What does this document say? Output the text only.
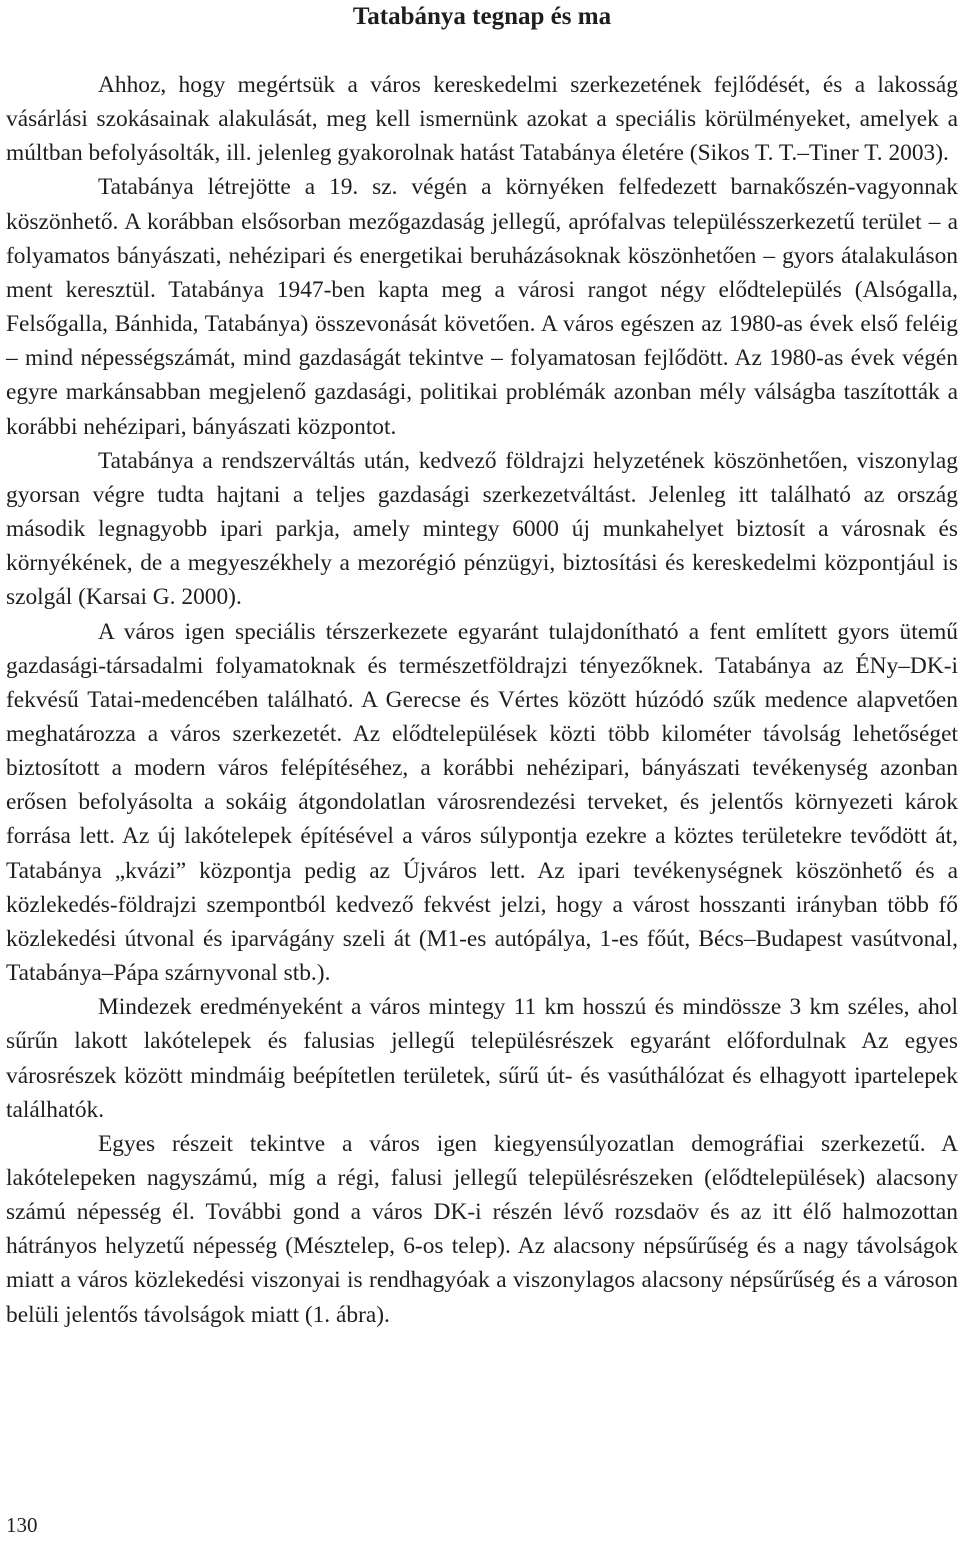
Tatabánya tegnap és ma

Ahhoz, hogy megértsük a város kereskedelmi szerkezetének fejlődését, és a lakosság vásárlási szokásainak alakulását, meg kell ismernünk azokat a speciális körülményeket, amelyek a múltban befolyásolták, ill. jelenleg gyakorolnak hatást Tatabánya életére (Sikos T. T.–Tiner T. 2003).

Tatabánya létrejötte a 19. sz. végén a környéken felfedezett barnakőszén-vagyonnak köszönhető. A korábban elsősorban mezőgazdaság jellegű, aprófalvas településszerkezetű terület – a folyamatos bányászati, nehézipari és energetikai beruházásoknak köszönhetően – gyors átalakuláson ment keresztül. Tatabánya 1947-ben kapta meg a városi rangot négy elődtelepülés (Alsógalla, Felsőgalla, Bánhida, Tatabánya) összevonását követően. A város egészen az 1980-as évek első feléig – mind népességszámát, mind gazdaságát tekintve – folyamatosan fejlődött. Az 1980-as évek végén egyre markánsabban megjelenő gazdasági, politikai problémák azonban mély válságba taszították a korábbi nehézipari, bányászati központot.

Tatabánya a rendszerváltás után, kedvező földrajzi helyzetének köszönhetően, viszonylag gyorsan végre tudta hajtani a teljes gazdasági szerkezetváltást. Jelenleg itt található az ország második legnagyobb ipari parkja, amely mintegy 6000 új munkahelyet biztosít a városnak és környékének, de a megyeszékhely a mezorégió pénzügyi, biztosítási és kereskedelmi központjául is szolgál (Karsai G. 2000).

A város igen speciális térszerkezete egyaránt tulajdonítható a fent említett gyors ütemű gazdasági-társadalmi folyamatoknak és természetföldrajzi tényezőknek. Tatabánya az ÉNy–DK-i fekvésű Tatai-medencében található. A Gerecse és Vértes között húzódó szűk medence alapvetően meghatározza a város szerkezetét. Az elődtelepülések közti több kilométer távolság lehetőséget biztosított a modern város felépítéséhez, a korábbi nehézipari, bányászati tevékenység azonban erősen befolyásolta a sokáig átgondolatlan városrendezési terveket, és jelentős környezeti károk forrása lett. Az új lakótelepek építésével a város súlypontja ezekre a köztes területekre tevődött át, Tatabánya „kvázi” központja pedig az Újváros lett. Az ipari tevékenységnek köszönhető és a közlekedés-földrajzi szempontból kedvező fekvést jelzi, hogy a várost hosszanti irányban több fő közlekedési útvonal és iparvágány szeli át (M1-es autópálya, 1-es főút, Bécs–Budapest vasútvonal, Tatabánya–Pápa szárnyvonal stb.).

Mindezek eredményeként a város mintegy 11 km hosszú és mindössze 3 km széles, ahol sűrűn lakott lakótelepek és falusias jellegű településrészek egyaránt előfordulnak Az egyes városrészek között mindmáig beépítetlen területek, sűrű út- és vasúthálózat és elhagyott ipartelepek találhatók.

Egyes részeit tekintve a város igen kiegyensúlyozatlan demográfiai szerkezetű. A lakótelepeken nagyszámú, míg a régi, falusi jellegű településrészeken (elődtelepülések) alacsony számú népesség él. További gond a város DK-i részén lévő rozsdaöv és az itt élő halmozottan hátrányos helyzetű népesség (Mésztelep, 6-os telep). Az alacsony népsűrűség és a nagy távolságok miatt a város közlekedési viszonyai is rendhagyóak a viszonylagos alacsony népsűrűség és a városon belüli jelentős távolságok miatt (1. ábra).

130
